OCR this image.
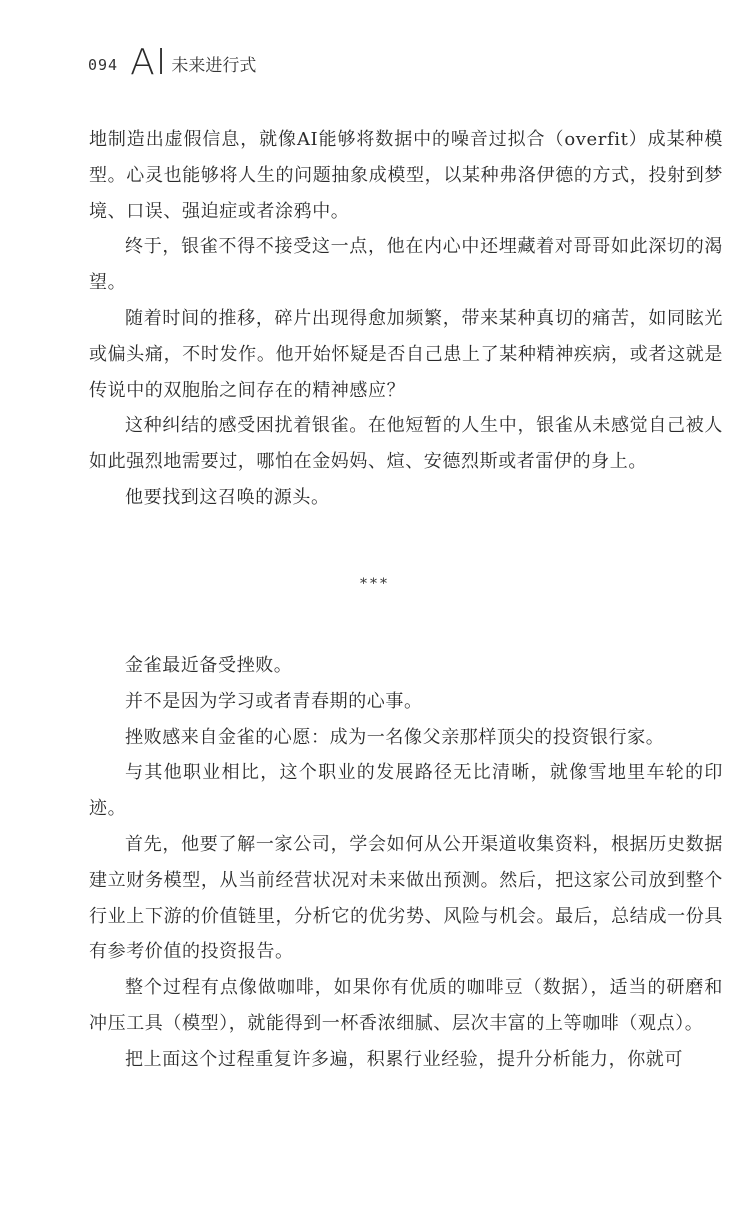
094 AI 未来进行式

地制造出虚假信息，就像AI能够将数据中的噪音过拟合（overfit）成某种模型。心灵也能够将人生的问题抽象成模型，以某种弗洛伊德的方式，投射到梦境、口误、强迫症或者涂鸦中。

终于，银雀不得不接受这一点，他在内心中还埋藏着对哥哥如此深切的渴望。

随着时间的推移，碎片出现得愈加频繁，带来某种真切的痛苦，如同眩光或偏头痛，不时发作。他开始怀疑是否自己患上了某种精神疾病，或者这就是传说中的双胞胎之间存在的精神感应？

这种纠结的感受困扰着银雀。在他短暂的人生中，银雀从未感觉自己被人如此强烈地需要过，哪怕在金妈妈、煊、安德烈斯或者雷伊的身上。

他要找到这召唤的源头。

***

金雀最近备受挫败。

并不是因为学习或者青春期的心事。

挫败感来自金雀的心愿：成为一名像父亲那样顶尖的投资银行家。

与其他职业相比，这个职业的发展路径无比清晰，就像雪地里车轮的印迹。

首先，他要了解一家公司，学会如何从公开渠道收集资料，根据历史数据建立财务模型，从当前经营状况对未来做出预测。然后，把这家公司放到整个行业上下游的价值链里，分析它的优劣势、风险与机会。最后，总结成一份具有参考价值的投资报告。

整个过程有点像做咖啡，如果你有优质的咖啡豆（数据），适当的研磨和冲压工具（模型），就能得到一杯香浓细腻、层次丰富的上等咖啡（观点）。

把上面这个过程重复许多遍，积累行业经验，提升分析能力，你就可
